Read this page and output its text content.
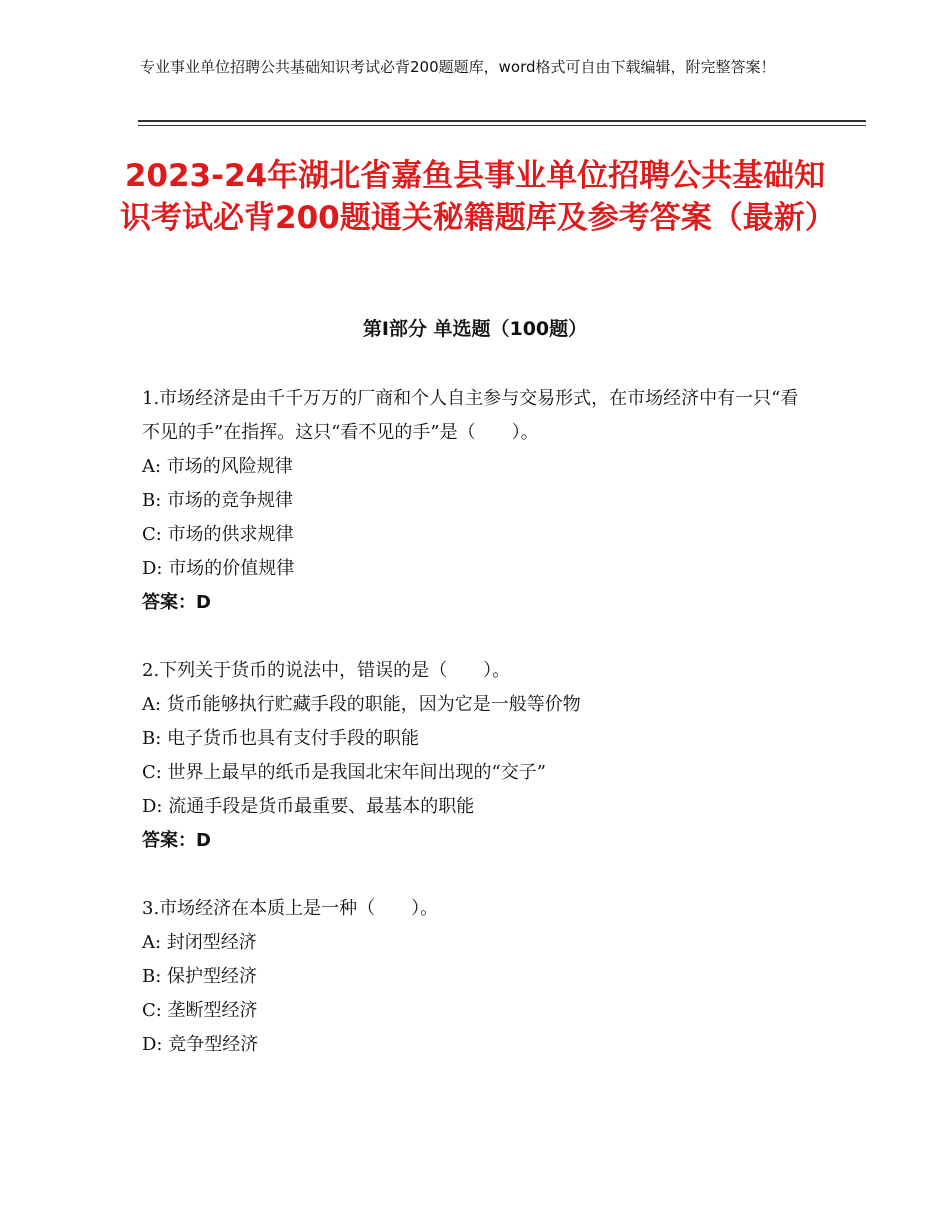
专业事业单位招聘公共基础知识考试必背200题题库，word格式可自由下载编辑，附完整答案！
2023-24年湖北省嘉鱼县事业单位招聘公共基础知识考试必背200题通关秘籍题库及参考答案（最新）
第Ⅰ部分 单选题（100题）

1.市场经济是由千千万万的厂商和个人自主参与交易形式，在市场经济中有一只“看不见的手”在指挥。这只“看不见的手”是（　　）。

A: 市场的风险规律

B: 市场的竞争规律

C: 市场的供求规律

D: 市场的价值规律

答案：D

2.下列关于货币的说法中，错误的是（　　）。

A: 货币能够执行贮藏手段的职能，因为它是一般等价物

B: 电子货币也具有支付手段的职能

C: 世界上最早的纸币是我国北宋年间出现的“交子”

D: 流通手段是货币最重要、最基本的职能

答案：D

3.市场经济在本质上是一种（　　）。

A: 封闭型经济

B: 保护型经济

C: 垄断型经济

D: 竞争型经济
